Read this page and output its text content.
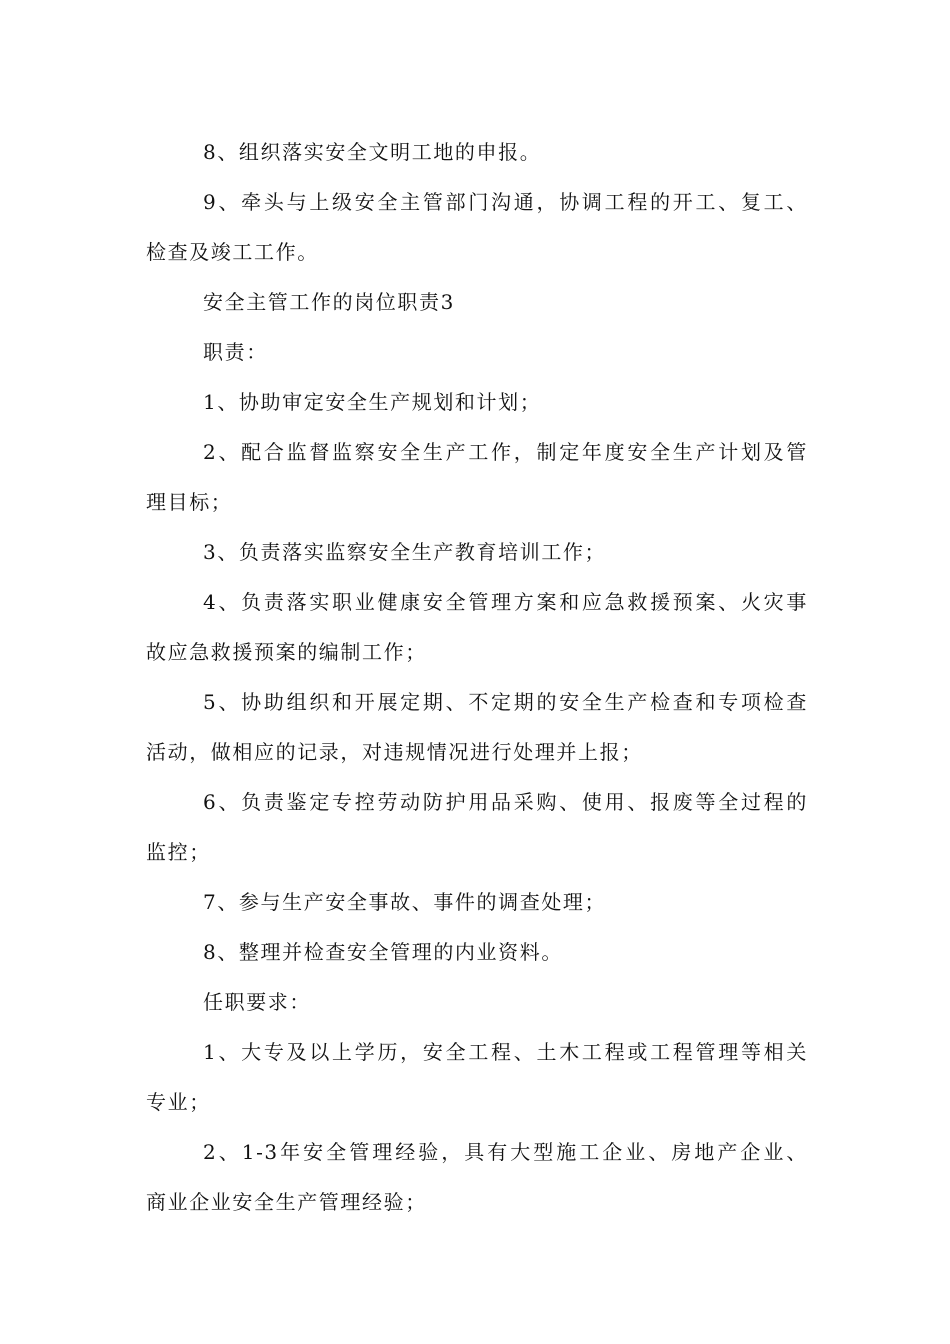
8、组织落实安全文明工地的申报。

9、牵头与上级安全主管部门沟通，协调工程的开工、复工、

检查及竣工工作。

安全主管工作的岗位职责3

职责：

1、协助审定安全生产规划和计划；

2、配合监督监察安全生产工作，制定年度安全生产计划及管

理目标；

3、负责落实监察安全生产教育培训工作；

4、负责落实职业健康安全管理方案和应急救援预案、火灾事

故应急救援预案的编制工作；

5、协助组织和开展定期、不定期的安全生产检查和专项检查

活动，做相应的记录，对违规情况进行处理并上报；

6、负责鉴定专控劳动防护用品采购、使用、报废等全过程的

监控；

7、参与生产安全事故、事件的调查处理；

8、整理并检查安全管理的内业资料。

任职要求：

1、大专及以上学历，安全工程、土木工程或工程管理等相关

专业；

2、1-3年安全管理经验，具有大型施工企业、房地产企业、

商业企业安全生产管理经验；
